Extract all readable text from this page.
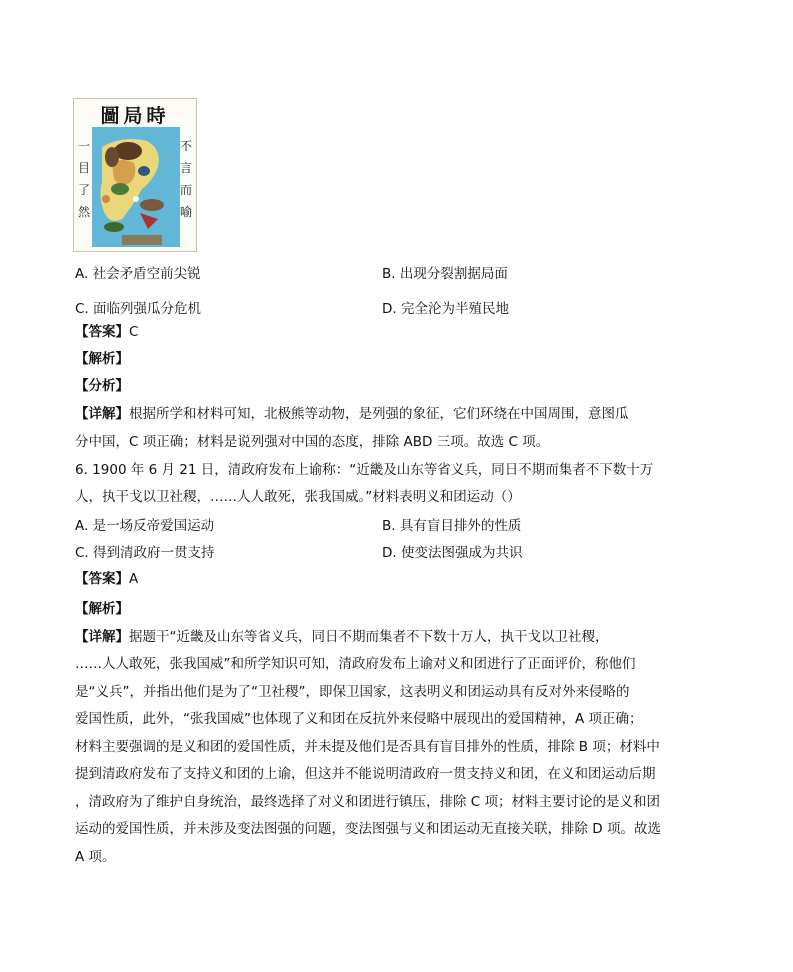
圖局時
一目了然
不言而喻
A. 社会矛盾空前尖锐	B. 出现分裂割据局面
C. 面临列强瓜分危机	D. 完全沦为半殖民地
【答案】C
【解析】
【分析】
【详解】根据所学和材料可知，北极熊等动物，是列强的象征，它们环绕在中国周围，意图瓜
分中国，C 项正确；材料是说列强对中国的态度，排除 ABD 三项。故选 C 项。
6. 1900 年 6 月 21 日，清政府发布上谕称：“近畿及山东等省义兵，同日不期而集者不下数十万
人，执干戈以卫社稷，……人人敢死，张我国威。”材料表明义和团运动（）
A. 是一场反帝爱国运动	B. 具有盲目排外的性质
C. 得到清政府一贯支持	D. 使变法图强成为共识
【答案】A
【解析】
【详解】据题干“近畿及山东等省义兵，同日不期而集者不下数十万人，执干戈以卫社稷，
……人人敢死，张我国威”和所学知识可知，清政府发布上谕对义和团进行了正面评价，称他们
是“义兵”，并指出他们是为了“卫社稷”，即保卫国家，这表明义和团运动具有反对外来侵略的
爱国性质，此外，“张我国威”也体现了义和团在反抗外来侵略中展现出的爱国精神，A 项正确；
材料主要强调的是义和团的爱国性质，并未提及他们是否具有盲目排外的性质，排除 B 项；材料中
提到清政府发布了支持义和团的上谕，但这并不能说明清政府一贯支持义和团，在义和团运动后期
，清政府为了维护自身统治，最终选择了对义和团进行镇压，排除 C 项；材料主要讨论的是义和团
运动的爱国性质，并未涉及变法图强的问题，变法图强与义和团运动无直接关联，排除 D 项。故选
A 项。
